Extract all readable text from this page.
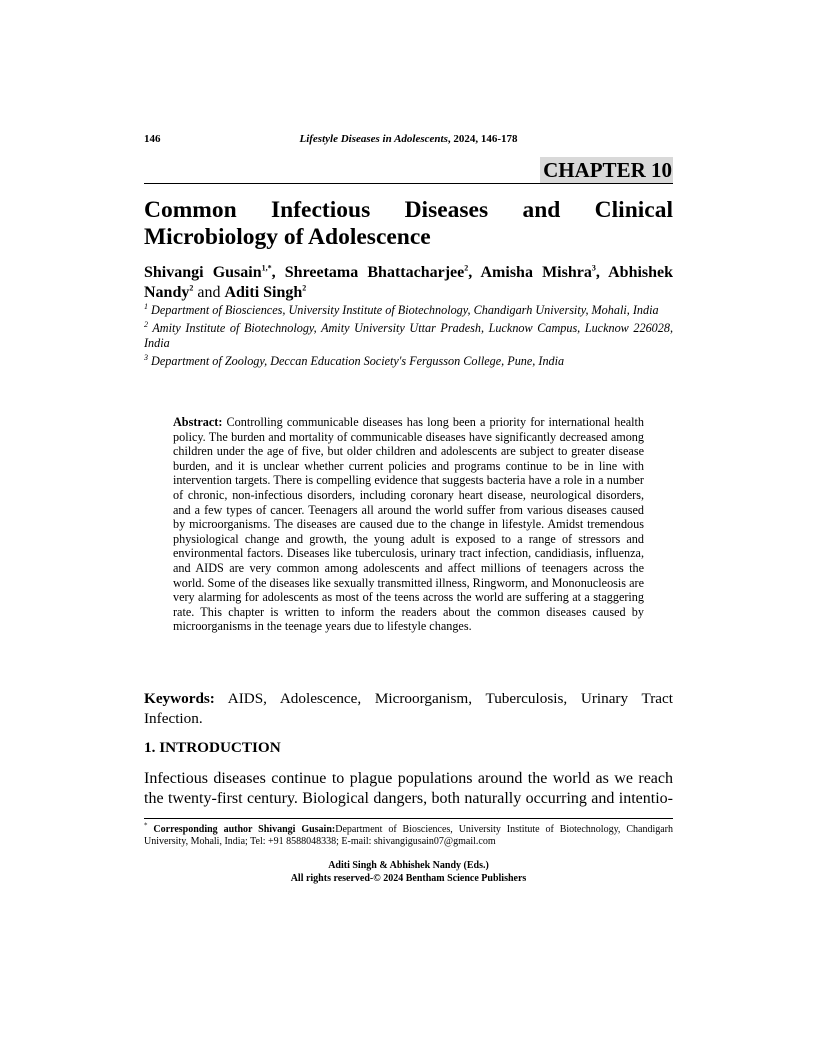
146	Lifestyle Diseases in Adolescents, 2024, 146-178
CHAPTER 10
Common Infectious Diseases and Clinical Microbiology of Adolescence

Shivangi Gusain$^{1,*}$, Shreetama Bhattacharjee$^2$, Amisha Mishra$^3$, Abhishek Nandy$^2$ and Aditi Singh$^2$

$^1$ Department of Biosciences, University Institute of Biotechnology, Chandigarh University, Mohali, India

$^2$ Amity Institute of Biotechnology, Amity University Uttar Pradesh, Lucknow Campus, Lucknow 226028, India

$^3$ Department of Zoology, Deccan Education Society's Fergusson College, Pune, India

Abstract: Controlling communicable diseases has long been a priority for international health policy. The burden and mortality of communicable diseases have significantly decreased among children under the age of five, but older children and adolescents are subject to greater disease burden, and it is unclear whether current policies and programs continue to be in line with intervention targets. There is compelling evidence that suggests bacteria have a role in a number of chronic, non-infectious disorders, including coronary heart disease, neurological disorders, and a few types of cancer. Teenagers all around the world suffer from various diseases caused by microorganisms. The diseases are caused due to the change in lifestyle. Amidst tremendous physiological change and growth, the young adult is exposed to a range of stressors and environmental factors. Diseases like tuberculosis, urinary tract infection, candidiasis, influenza, and AIDS are very common among adolescents and affect millions of teenagers across the world. Some of the diseases like sexually transmitted illness, Ringworm, and Mononucleosis are very alarming for adolescents as most of the teens across the world are suffering at a staggering rate. This chapter is written to inform the readers about the common diseases caused by microorganisms in the teenage years due to lifestyle changes.

Keywords: AIDS, Adolescence, Microorganism, Tuberculosis, Urinary Tract Infection.

1. INTRODUCTION

Infectious diseases continue to plague populations around the world as we reach the twenty-first century. Biological dangers, both naturally occurring and intentio-

* Corresponding author Shivangi Gusain:Department of Biosciences, University Institute of Biotechnology, Chandigarh University, Mohali, India; Tel: +91 8588048338; E-mail: shivangigusain07@gmail.com

Aditi Singh & Abhishek Nandy (Eds.)
All rights reserved-© 2024 Bentham Science Publishers
